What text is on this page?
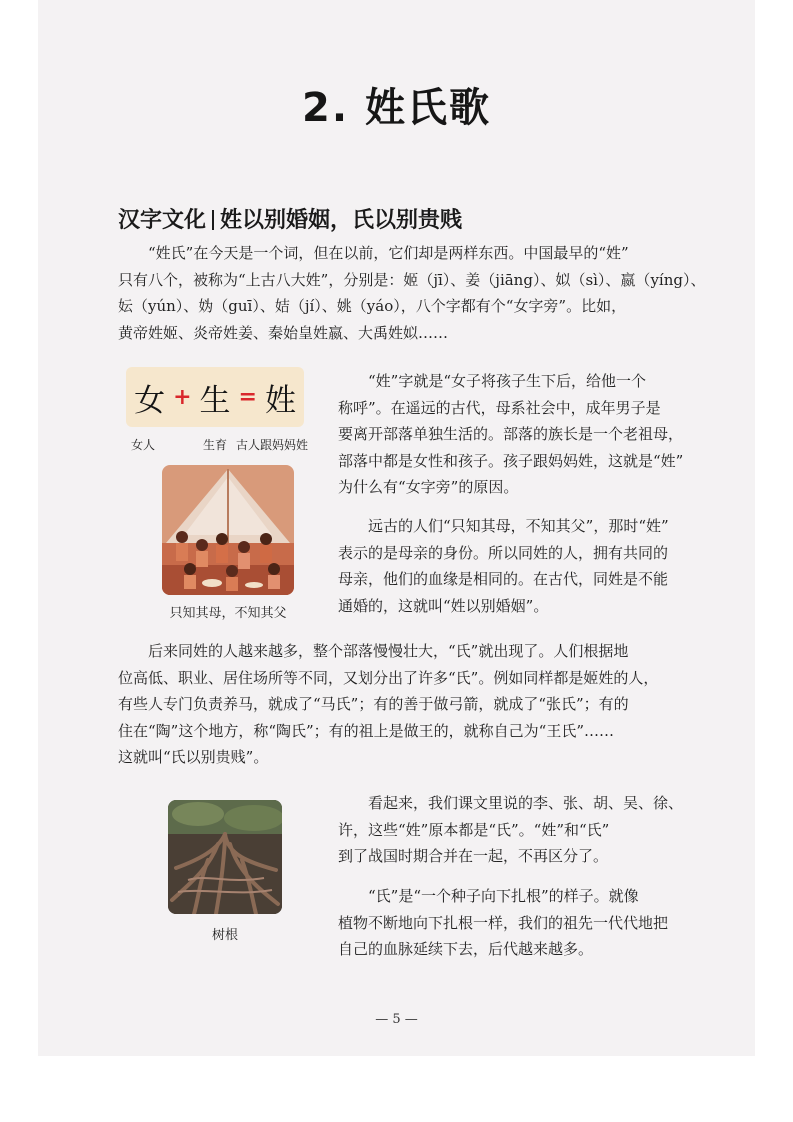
2. 姓氏歌
汉字文化 姓以别婚姻，氏以别贵贱
“姓氏”在今天是一个词，但在以前，它们却是两样东西。中国最早的“姓”
只有八个，被称为“上古八大姓”，分别是：姬（jī）、姜（jiāng）、姒（sì）、嬴（yíng）、
妘（yún）、妫（guī）、姞（jí）、姚（yáo），八个字都有个“女字旁”。比如，
黄帝姓姬、炎帝姓姜、秦始皇姓嬴、大禹姓姒……
女 + 生 = 姓
女人	生育 古人跟妈妈姓
只知其母，不知其父
“姓”字就是“女子将孩子生下后，给他一个
称呼”。在遥远的古代，母系社会中，成年男子是
要离开部落单独生活的。部落的族长是一个老祖母，
部落中都是女性和孩子。孩子跟妈妈姓，这就是“姓”
为什么有“女字旁”的原因。
远古的人们“只知其母，不知其父”，那时“姓”
表示的是母亲的身份。所以同姓的人，拥有共同的
母亲，他们的血缘是相同的。在古代，同姓是不能
通婚的，这就叫“姓以别婚姻”。
后来同姓的人越来越多，整个部落慢慢壮大，“氏”就出现了。人们根据地
位高低、职业、居住场所等不同，又划分出了许多“氏”。例如同样都是姬姓的人，
有些人专门负责养马，就成了“马氏”；有的善于做弓箭，就成了“张氏”；有的
住在“陶”这个地方，称“陶氏”；有的祖上是做王的，就称自己为“王氏”……
这就叫“氏以别贵贱”。
树根
看起来，我们课文里说的李、张、胡、吴、徐、
许，这些“姓”原本都是“氏”。“姓”和“氏”
到了战国时期合并在一起，不再区分了。
“氏”是“一个种子向下扎根”的样子。就像
植物不断地向下扎根一样，我们的祖先一代代地把
自己的血脉延续下去，后代越来越多。
— 5 —
